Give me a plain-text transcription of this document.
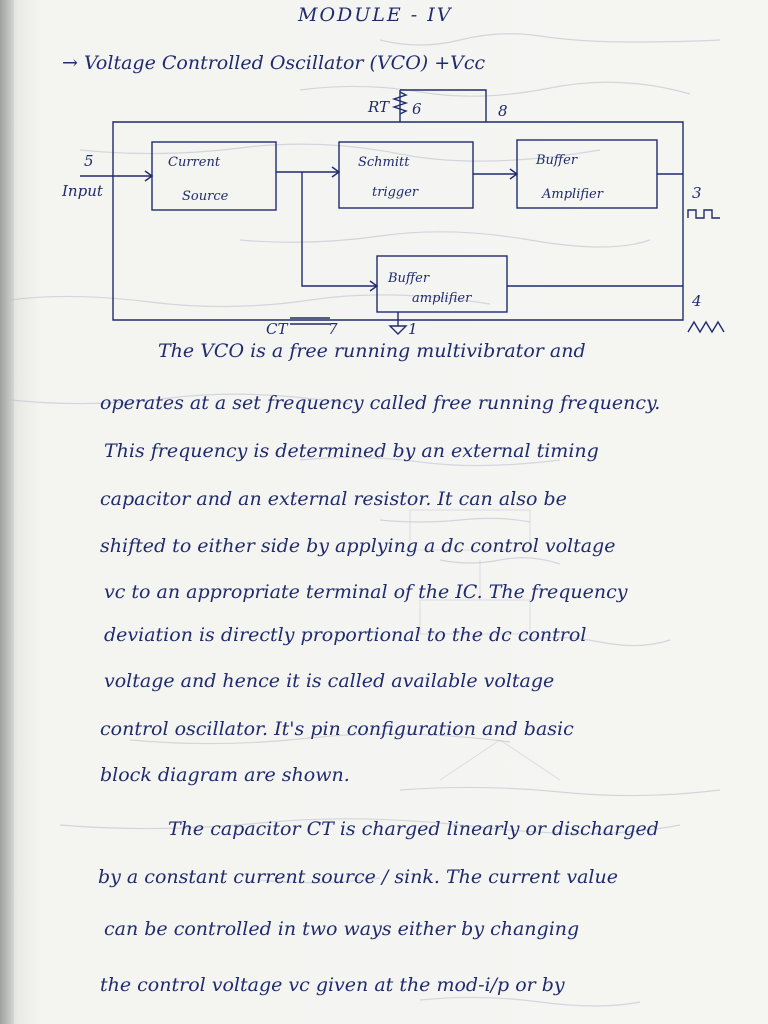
MODULE - IV
→ Voltage Controlled Oscillator (VCO) +Vcc
Current
Source
Schmitt
trigger
Buffer
Amplifier
Buffer
amplifier
RT 6	8
5
Input	3
4
CT	7	1
The VCO is a free running multivibrator and
operates at a set frequency called free running frequency.
This frequency is determined by an external timing
capacitor and an external resistor. It can also be
shifted to either side by applying a dc control voltage
vc to an appropriate terminal of the IC. The frequency
deviation is directly proportional to the dc control
voltage and hence it is called available voltage
control oscillator. It's pin configuration and basic
block diagram are shown.
The capacitor CT is charged linearly or discharged
by a constant current source / sink. The current value
can be controlled in two ways either by changing
the control voltage vc given at the mod-i/p or by
